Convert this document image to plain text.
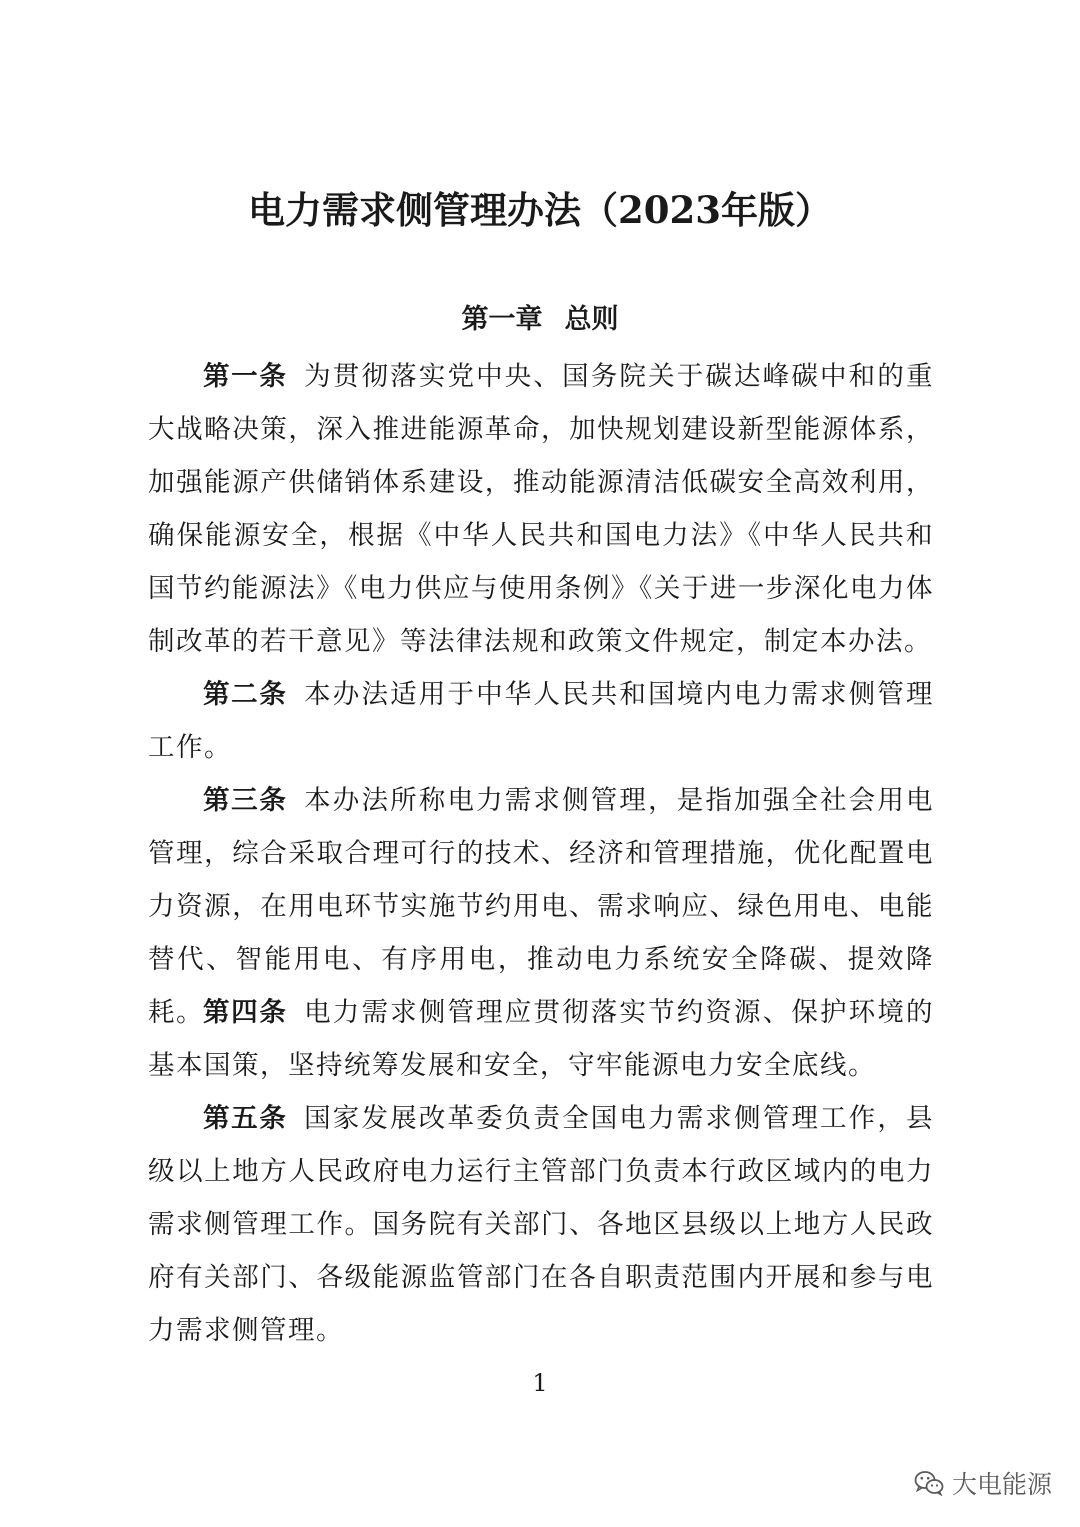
电力需求侧管理办法（2023年版）
第一章 总则

第一条 为贯彻落实党中央、国务院关于碳达峰碳中和的重大战略决策，深入推进能源革命，加快规划建设新型能源体系，加强能源产供储销体系建设，推动能源清洁低碳安全高效利用，确保能源安全，根据《中华人民共和国电力法》《中华人民共和国节约能源法》《电力供应与使用条例》《关于进一步深化电力体制改革的若干意见》等法律法规和政策文件规定，制定本办法。

第二条 本办法适用于中华人民共和国境内电力需求侧管理工作。

第三条 本办法所称电力需求侧管理，是指加强全社会用电管理，综合采取合理可行的技术、经济和管理措施，优化配置电力资源，在用电环节实施节约用电、需求响应、绿色用电、电能替代、智能用电、有序用电，推动电力系统安全降碳、提效降耗。 第四条 电力需求侧管理应贯彻落实节约资源、保护环境的基本国策，坚持统筹发展和安全，守牢能源电力安全底线。

第五条 国家发展改革委负责全国电力需求侧管理工作，县级以上地方人民政府电力运行主管部门负责本行政区域内的电力需求侧管理工作。国务院有关部门、各地区县级以上地方人民政府有关部门、各级能源监管部门在各自职责范围内开展和参与电力需求侧管理。

1
大电能源
